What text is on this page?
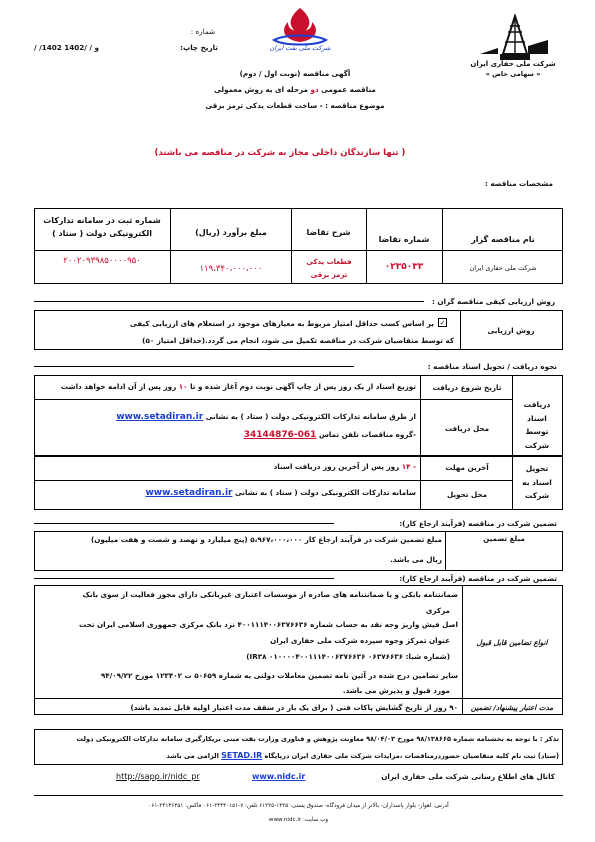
شرکت ملی حفاری ایران
« سهامی خاص »
شرکت ملی نفت ایران
شماره :
تاریخ چاپ:
/ /1402 و / /1402
آگهی مناقصه (نوبت اول / دوم)
مناقصه عمومی دو مرحله ای به روش معمولی
موضوع مناقصه : - ساخت قطعات یدکی ترمز برقی
( تنها سازندگان داخلی مجاز به شرکت در مناقصه می باشند)
مشخصات مناقصه :
نام مناقصه گزار
شماره تقاضا
شرح تقاضا
مبلغ برآورد (ریال)
شماره ثبت در سامانه تدارکات الکترونیکی دولت ( ستاد )
شرکت ملی حفاری ایران
۰۲۳۵۰۳۳
قطعات یدکی ترمز برقی
۱۱۹،۳۴۰،۰۰۰،۰۰۰
۲۰۰۲۰۹۳۹۸۵۰۰۰۰۹۵۰
روش ارزیابی کیفی مناقصه گران :
روش ارزیابی
✓
بر اساس کسب حداقل امتیاز مربوط به معیارهای موجود در استعلام های ارزیابی کیفی
که توسط متقاضیان شرکت در مناقصه تکمیل می شود، انجام می گردد.(حداقل امتیاز ۵۰)
نحوه دریافت / تحویل اسناد مناقصه :
دریافت اسناد توسط شرکت
تاریخ شروع دریافت
توزیع اسناد از یک روز پس از چاپ آگهی نوبت دوم آغاز شده و تا ۱۰ روز پس از آن ادامه خواهد داشت
محل دریافت
از طرق سامانه تدارکات الکترونیکی دولت ( ستاد ) به نشانی www.setadiran.ir
-گروه مناقصات تلفن تماس 061-34144876
تحویل اسناد به شرکت
آخرین مهلت
- ۱۴ روز پس از آخرین روز دریافت اسناد
محل تحویل
سامانه تدارکات الکترونیکی دولت ( ستاد ) به نشانی www.setadiran.ir
تضمین شرکت در مناقصه (فرآیند ارجاع کار):
مبلغ تضمین
مبلغ تضمین شرکت در فرآیند ارجاع کار ۵،۹۶۷،۰۰۰،۰۰۰ (پنج میلیارد و نهصد و شصت و هفت میلیون)
ریال می باشد.
تضمین شرکت در مناقصه (فرآیند ارجاع کار):
انواع تضامین قابل قبول
ضمانتنامه بانکی و یا ضمانتنامه های صادره از موسسات اعتباری غیربانکی دارای مجوز فعالیت از سوی بانک
مرکزی
اصل فیش واریز وجه نقد به حساب شماره ۴۰۰۱۱۱۴۰۰۶۳۷۶۶۳۶ نزد بانک مرکزی جمهوری اسلامی ایران تحت
عنوان تمرکز وجوه سپرده شرکت ملی حفاری ایران
(شماره شبا: ۰۶۳۷۶۶۳۶ ۰۱۰۰۰۰۴۰۰۱۱۱۴۰۰۶۳۷۶۶۳۶ IR۳۸)
سایر تضامین درج شده در آئین نامه تضمین معاملات دولتی به شماره ۵۰۶۵۹ ت ۱۲۳۴۰۲ مورخ ۹۴/۰۹/۲۲
مورد قبول و پذیرش می باشد.
مدت اعتبار پیشنهاد/ تضمین
۹۰ روز از تاریخ گشایش پاکات فنی ( برای یک بار در سقف مدت اعتبار اولیه قابل تمدید باشد)
تذکر : با توجه به بخشنامه شماره ۹۸/۱۳۸۶۶۵ مورخ ۹۸/۰۴/۰۳ معاونت پژوهش و فناوری وزارت نفت مبنی برپکارگیری سامانه تدارکات الکترونیکی دولت
(ستاد) ثبت نام کلیه متقاضیان حضوردرمناقصات ،مزایدات شرکت ملی حفاری ایران درپایگاه SETAD.IR الزامی می باشد
کانال های اطلاع رسانی شرکت ملی حفاری ایران
www.nidc.ir
http://sapp.ir/nidc_pr
آدرس: اهواز- بلوار پاسداران- بالاتر از میدان فرودگاه- صندوق پستی: ۱۴۳۵-۶۱۳۳۵ تلفن: ۷-۳۴۴۴۰۱۵۱-۰۶۱ فاکس: ۳۴۱۴۶۴۵۱-۰۶۱
وب سایت: www.nidc.ir
